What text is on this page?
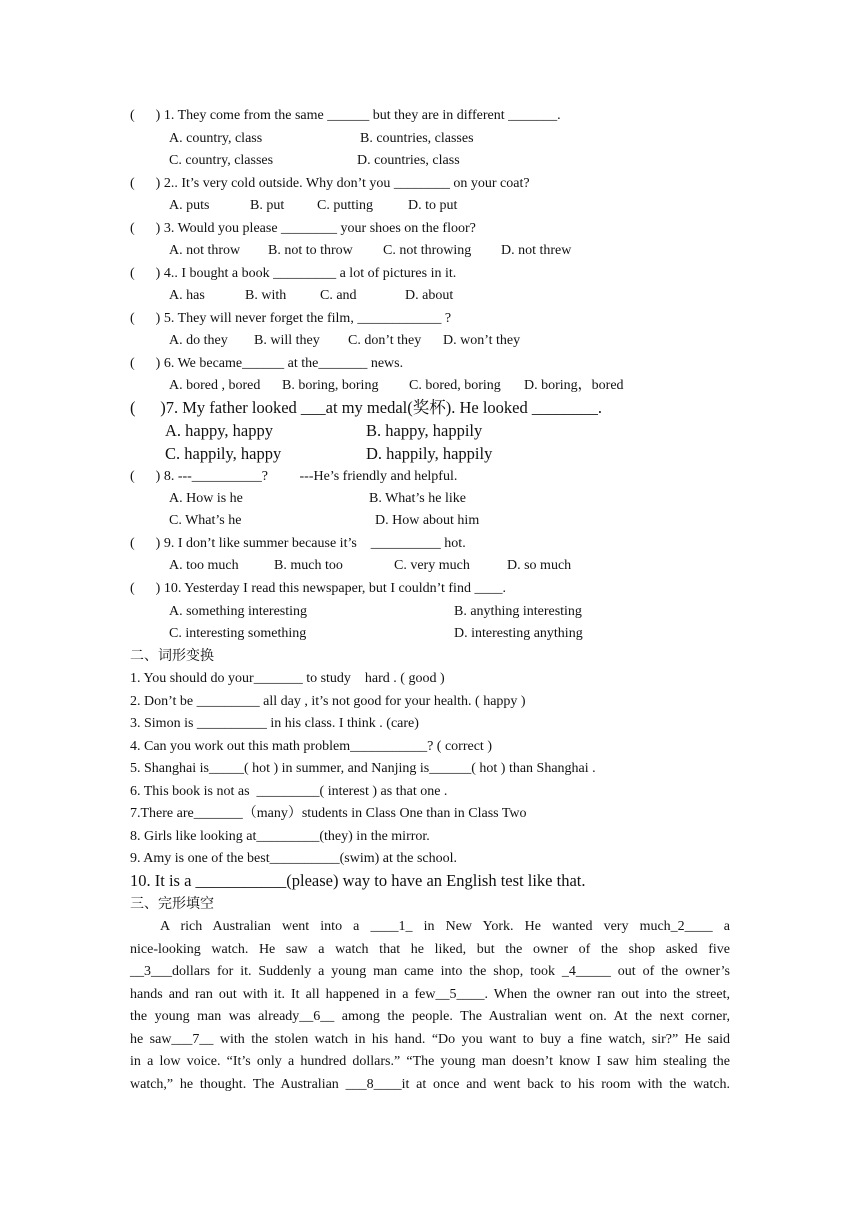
(      ) 1. They come from the same ______ but they are in different _______.
A. country, class	B. countries, classes
C. country, classes	D. countries, class
(      ) 2.. It’s very cold outside. Why don’t you ________ on your coat?
A. puts	B. put C. putting D. to put
(      ) 3. Would you please ________ your shoes on the floor?
A. not throw B. not to throw C. not throwing D. not threw
(      ) 4.. I bought a book _________ a lot of pictures in it.
A. has	B. with C. and	D. about
(      ) 5. They will never forget the film, ____________ ?
A. do they B. will they C. don’t they D. won’t they
(      ) 6. We became______ at the_______ news.
A. bored , bored B. boring, boring C. bored, boring D. boring，bored
(      )7. My father looked ___at my medal(奖杯). He looked ________.
A. happy, happy	B. happy, happily
C. happily, happy	D. happily, happily
(      ) 8. ---__________?         ---He’s friendly and helpful.
A. How is he	B. What’s he like
C. What’s he	D. How about him
(      ) 9. I don’t like summer because it’s    __________ hot.
A. too much	B. much too	C. very much	D. so much
(      ) 10. Yesterday I read this newspaper, but I couldn’t find ____.
A. something interesting	B. anything interesting
C. interesting something	D. interesting anything
二、词形变换
1. You should do your_______ to study    hard . ( good )
2. Don’t be _________ all day , it’s not good for your health. ( happy )
3. Simon is __________ in his class. I think . (care)
4. Can you work out this math problem___________? ( correct )
5. Shanghai is_____( hot ) in summer, and Nanjing is______( hot ) than Shanghai .
6. This book is not as  _________( interest ) as that one .
7.There are_______（many）students in Class One than in Class Two
8. Girls like looking at_________(they) in the mirror.
9. Amy is one of the best__________(swim) at the school.
10. It is a ___________(please) way to have an English test like that.
三、完形填空
A rich Australian went into a ____1_ in New York. He wanted very much_2____ a
nice-looking watch. He saw a watch that he liked, but the owner of the shop asked five
__3___dollars for it. Suddenly a young man came into the shop, took _4_____ out of the owner’s
hands and ran out with it. It all happened in a few__5____. When the owner ran out into the street,
the young man was already__6__ among the people. The Australian went on. At the next corner,
he saw___7__ with the stolen watch in his hand. “Do you want to buy a fine watch, sir?” He said
in a low voice. “It’s only a hundred dollars.” “The young man doesn’t know I saw him stealing the
watch,” he thought. The Australian ___8____it at once and went back to his room with the watch.
